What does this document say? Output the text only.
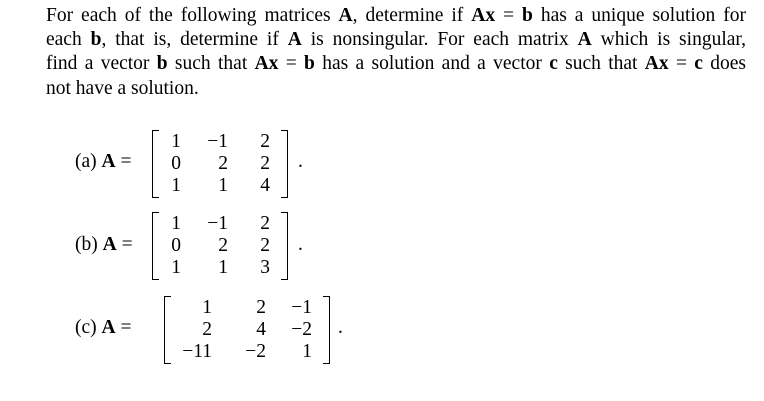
For each of the following matrices A, determine if Ax = b has a unique solution for
each b, that is, determine if A is nonsingular. For each matrix A which is singular,
find a vector b such that Ax = b has a solution and a vector c such that Ax = c does
not have a solution.
(a) A =
1 −1 2
0 2 2
1 1 4
.
(b) A =
1 −1 2
0 2 2
1 1 3
.
(c) A =
1 2 −1
2 4 −2
−11 −2 1
.
